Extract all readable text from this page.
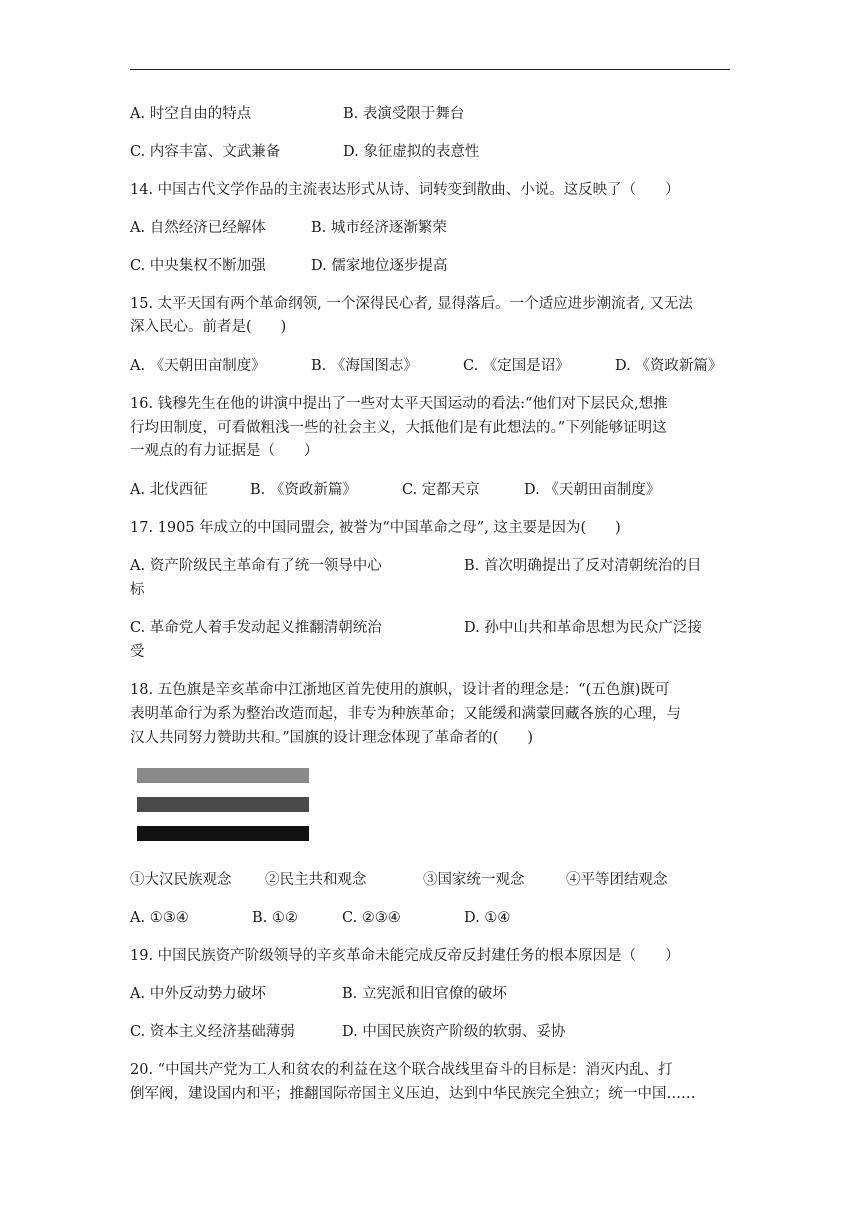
A. 时空自由的特点	B. 表演受限于舞台
C. 内容丰富、文武兼备	D. 象征虚拟的表意性
14. 中国古代文学作品的主流表达形式从诗、词转变到散曲、小说。这反映了（　　）
A. 自然经济已经解体	B. 城市经济逐渐繁荣
C. 中央集权不断加强	D. 儒家地位逐步提高
15. 太平天国有两个革命纲领, 一个深得民心者, 显得落后。一个适应进步潮流者, 又无法
深入民心。前者是(　　)
A. 《天朝田亩制度》	B. 《海国图志》	C. 《定国是诏》	D. 《资政新篇》
16. 钱穆先生在他的讲演中提出了一些对太平天国运动的看法:“他们对下层民众,想推
行均田制度，可看做粗浅一些的社会主义，大抵他们是有此想法的。”下列能够证明这
一观点的有力证据是（　　）
A. 北伐西征	B. 《资政新篇》	C. 定都天京	D. 《天朝田亩制度》
17. 1905 年成立的中国同盟会, 被誉为“中国革命之母”, 这主要是因为(　　)
A. 资产阶级民主革命有了统一领导中心	B. 首次明确提出了反对清朝统治的目
标
C. 革命党人着手发动起义推翻清朝统治	D. 孙中山共和革命思想为民众广泛接
受
18. 五色旗是辛亥革命中江浙地区首先使用的旗帜，设计者的理念是：“(五色旗)既可
表明革命行为系为整治改造而起，非专为种族革命；又能缓和满蒙回藏各族的心理，与
汉人共同努力赞助共和。”国旗的设计理念体现了革命者的(　　)
①大汉民族观念 ②民主共和观念	③国家统一观念	④平等团结观念
A. ①③④	B. ①②	C. ②③④	D. ①④
19. 中国民族资产阶级领导的辛亥革命未能完成反帝反封建任务的根本原因是（　　）
A. 中外反动势力破坏	B. 立宪派和旧官僚的破坏
C. 资本主义经济基础薄弱	D. 中国民族资产阶级的软弱、妥协
20. “中国共产党为工人和贫农的利益在这个联合战线里奋斗的目标是：消灭内乱、打
倒军阀，建设国内和平；推翻国际帝国主义压迫，达到中华民族完全独立；统一中国……
